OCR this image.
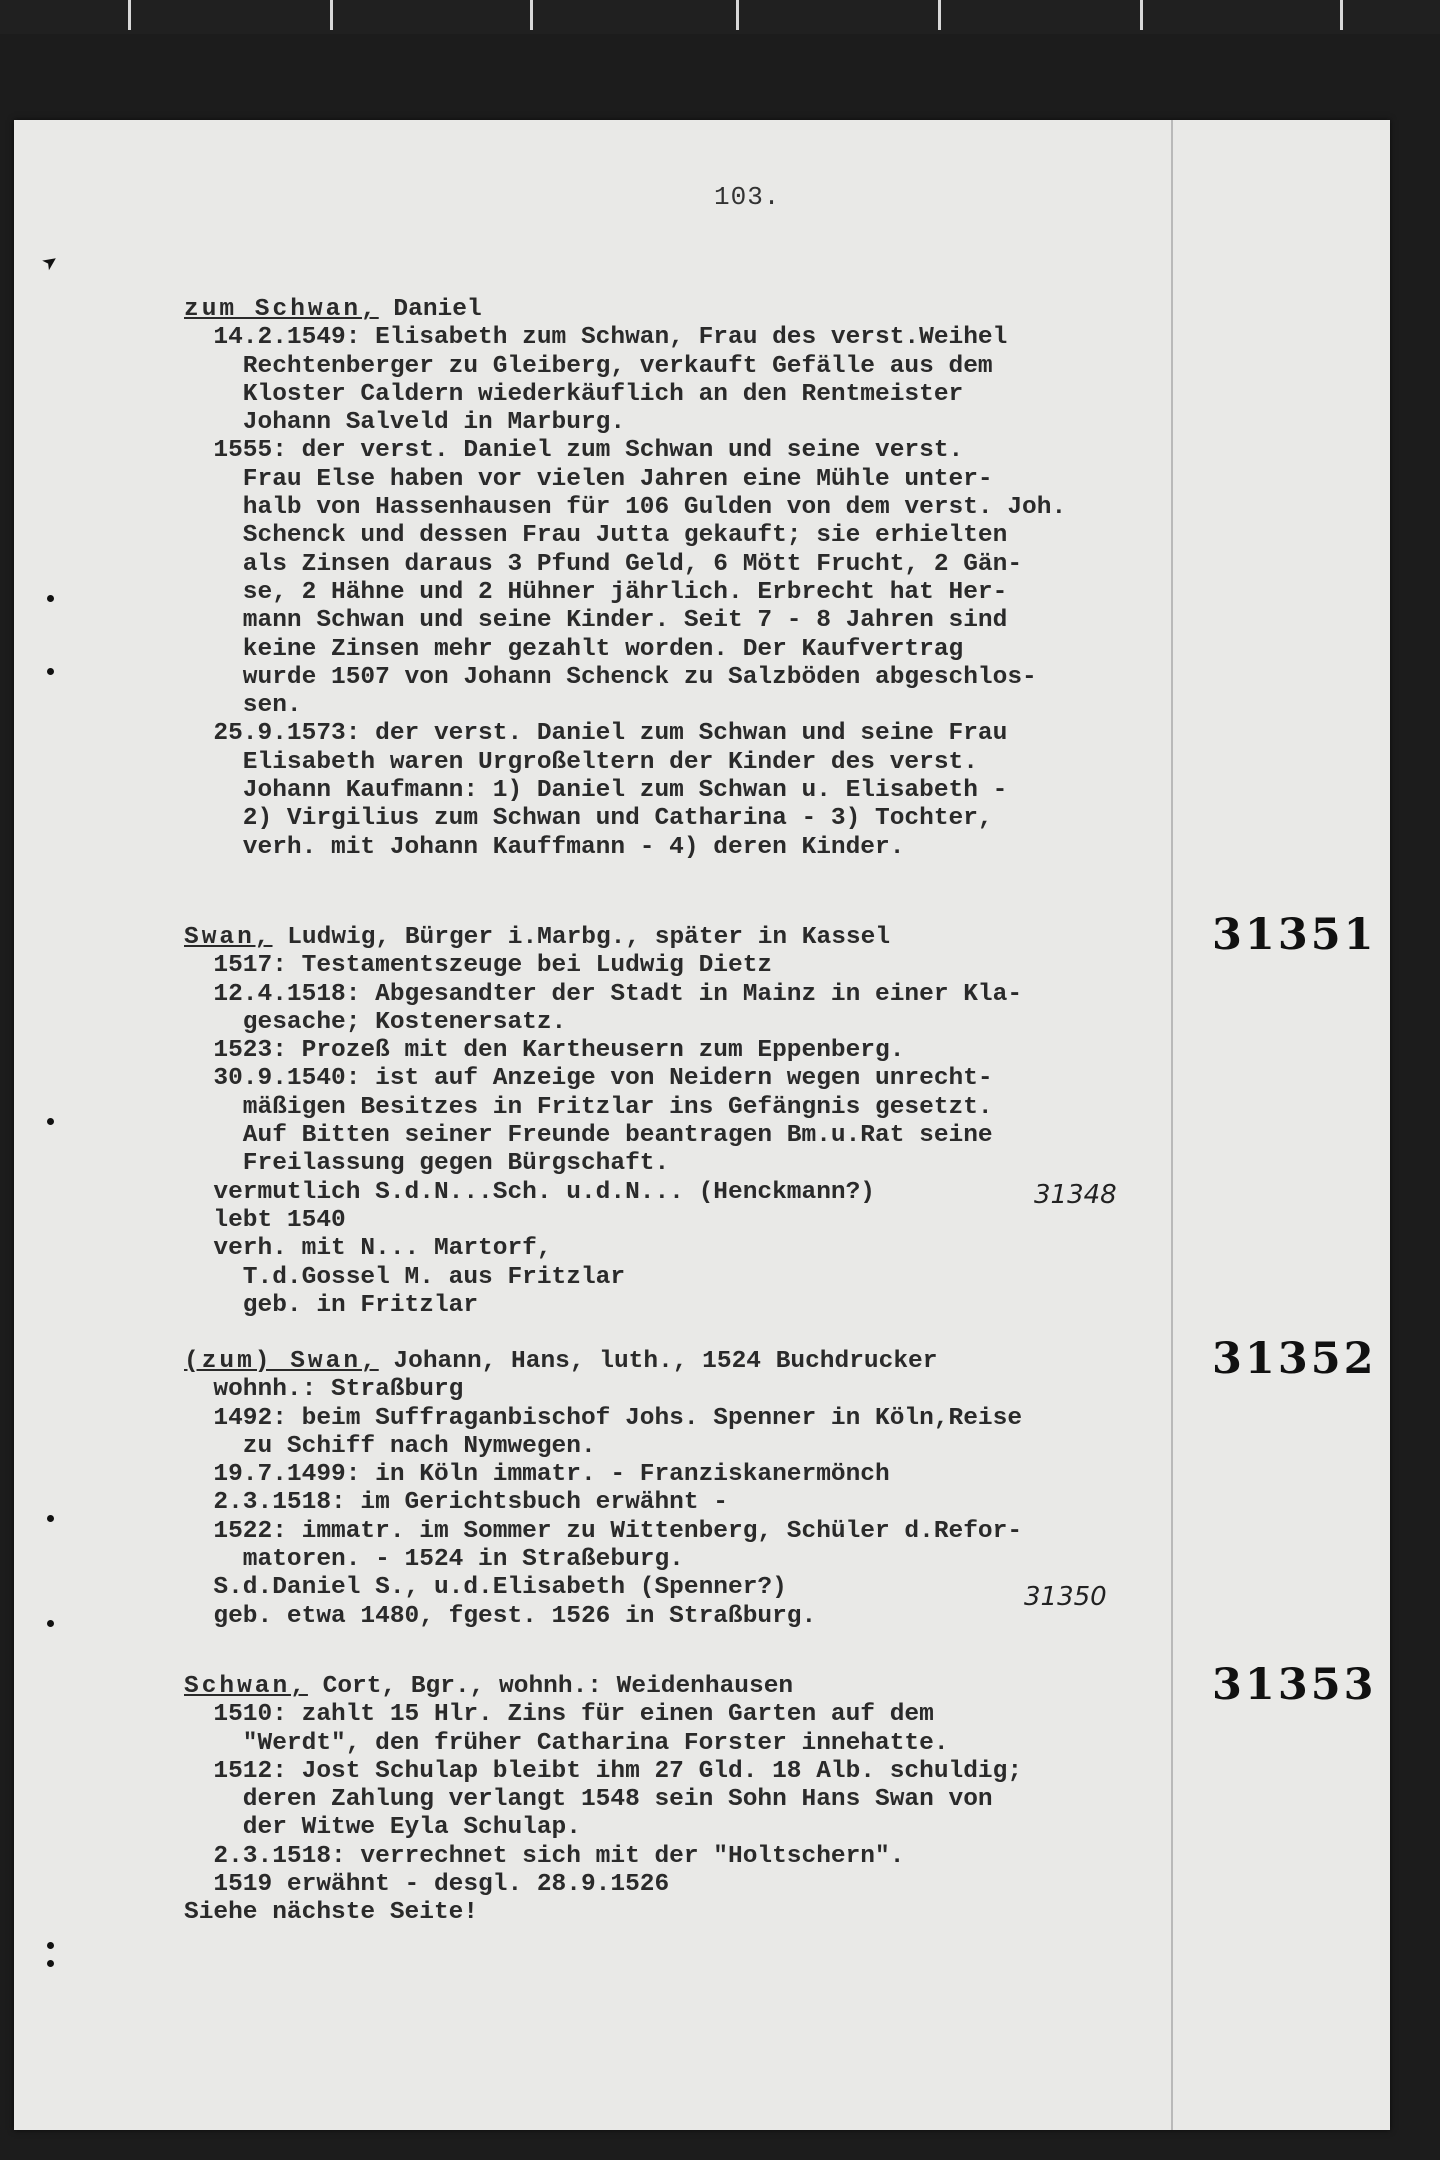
103.
➤
zum Schwan, Daniel
14.2.1549: Elisabeth zum Schwan, Frau des verst.Weihel
Rechtenberger zu Gleiberg, verkauft Gefälle aus dem
Kloster Caldern wiederkäuflich an den Rentmeister
Johann Salveld in Marburg.
1555: der verst. Daniel zum Schwan und seine verst.
Frau Else haben vor vielen Jahren eine Mühle unter-
halb von Hassenhausen für 106 Gulden von dem verst. Joh.
Schenck und dessen Frau Jutta gekauft; sie erhielten
als Zinsen daraus 3 Pfund Geld, 6 Mött Frucht, 2 Gän-
se, 2 Hähne und 2 Hühner jährlich. Erbrecht hat Her-
mann Schwan und seine Kinder. Seit 7 - 8 Jahren sind
keine Zinsen mehr gezahlt worden. Der Kaufvertrag
wurde 1507 von Johann Schenck zu Salzböden abgeschlos-
sen.
25.9.1573: der verst. Daniel zum Schwan und seine Frau
Elisabeth waren Urgroßeltern der Kinder des verst.
Johann Kaufmann: 1) Daniel zum Schwan u. Elisabeth -
2) Virgilius zum Schwan und Catharina - 3) Tochter,
verh. mit Johann Kauffmann - 4) deren Kinder.
31351
Swan, Ludwig, Bürger i.Marbg., später in Kassel
1517: Testamentszeuge bei Ludwig Dietz
12.4.1518: Abgesandter der Stadt in Mainz in einer Kla-
gesache; Kostenersatz.
1523: Prozeß mit den Kartheusern zum Eppenberg.
30.9.1540: ist auf Anzeige von Neidern wegen unrecht-
mäßigen Besitzes in Fritzlar ins Gefängnis gesetzt.
Auf Bitten seiner Freunde beantragen Bm.u.Rat seine
Freilassung gegen Bürgschaft.
vermutlich S.d.N...Sch. u.d.N... (Henckmann?)
lebt 1540
verh. mit N... Martorf,
T.d.Gossel M. aus Fritzlar
geb. in Fritzlar
31348
31352
(zum) Swan, Johann, Hans, luth., 1524 Buchdrucker
wohnh.: Straßburg
1492: beim Suffraganbischof Johs. Spenner in Köln,Reise
zu Schiff nach Nymwegen.
19.7.1499: in Köln immatr. - Franziskanermönch
2.3.1518: im Gerichtsbuch erwähnt -
1522: immatr. im Sommer zu Wittenberg, Schüler d.Refor-
matoren. - 1524 in Straßeburg.
S.d.Daniel S., u.d.Elisabeth (Spenner?)
geb. etwa 1480, fgest. 1526 in Straßburg.
31350
31353
Schwan, Cort, Bgr., wohnh.: Weidenhausen
1510: zahlt 15 Hlr. Zins für einen Garten auf dem
"Werdt", den früher Catharina Forster innehatte.
1512: Jost Schulap bleibt ihm 27 Gld. 18 Alb. schuldig;
deren Zahlung verlangt 1548 sein Sohn Hans Swan von
der Witwe Eyla Schulap.
2.3.1518: verrechnet sich mit der "Holtschern".
1519 erwähnt - desgl. 28.9.1526
Siehe nächste Seite!
